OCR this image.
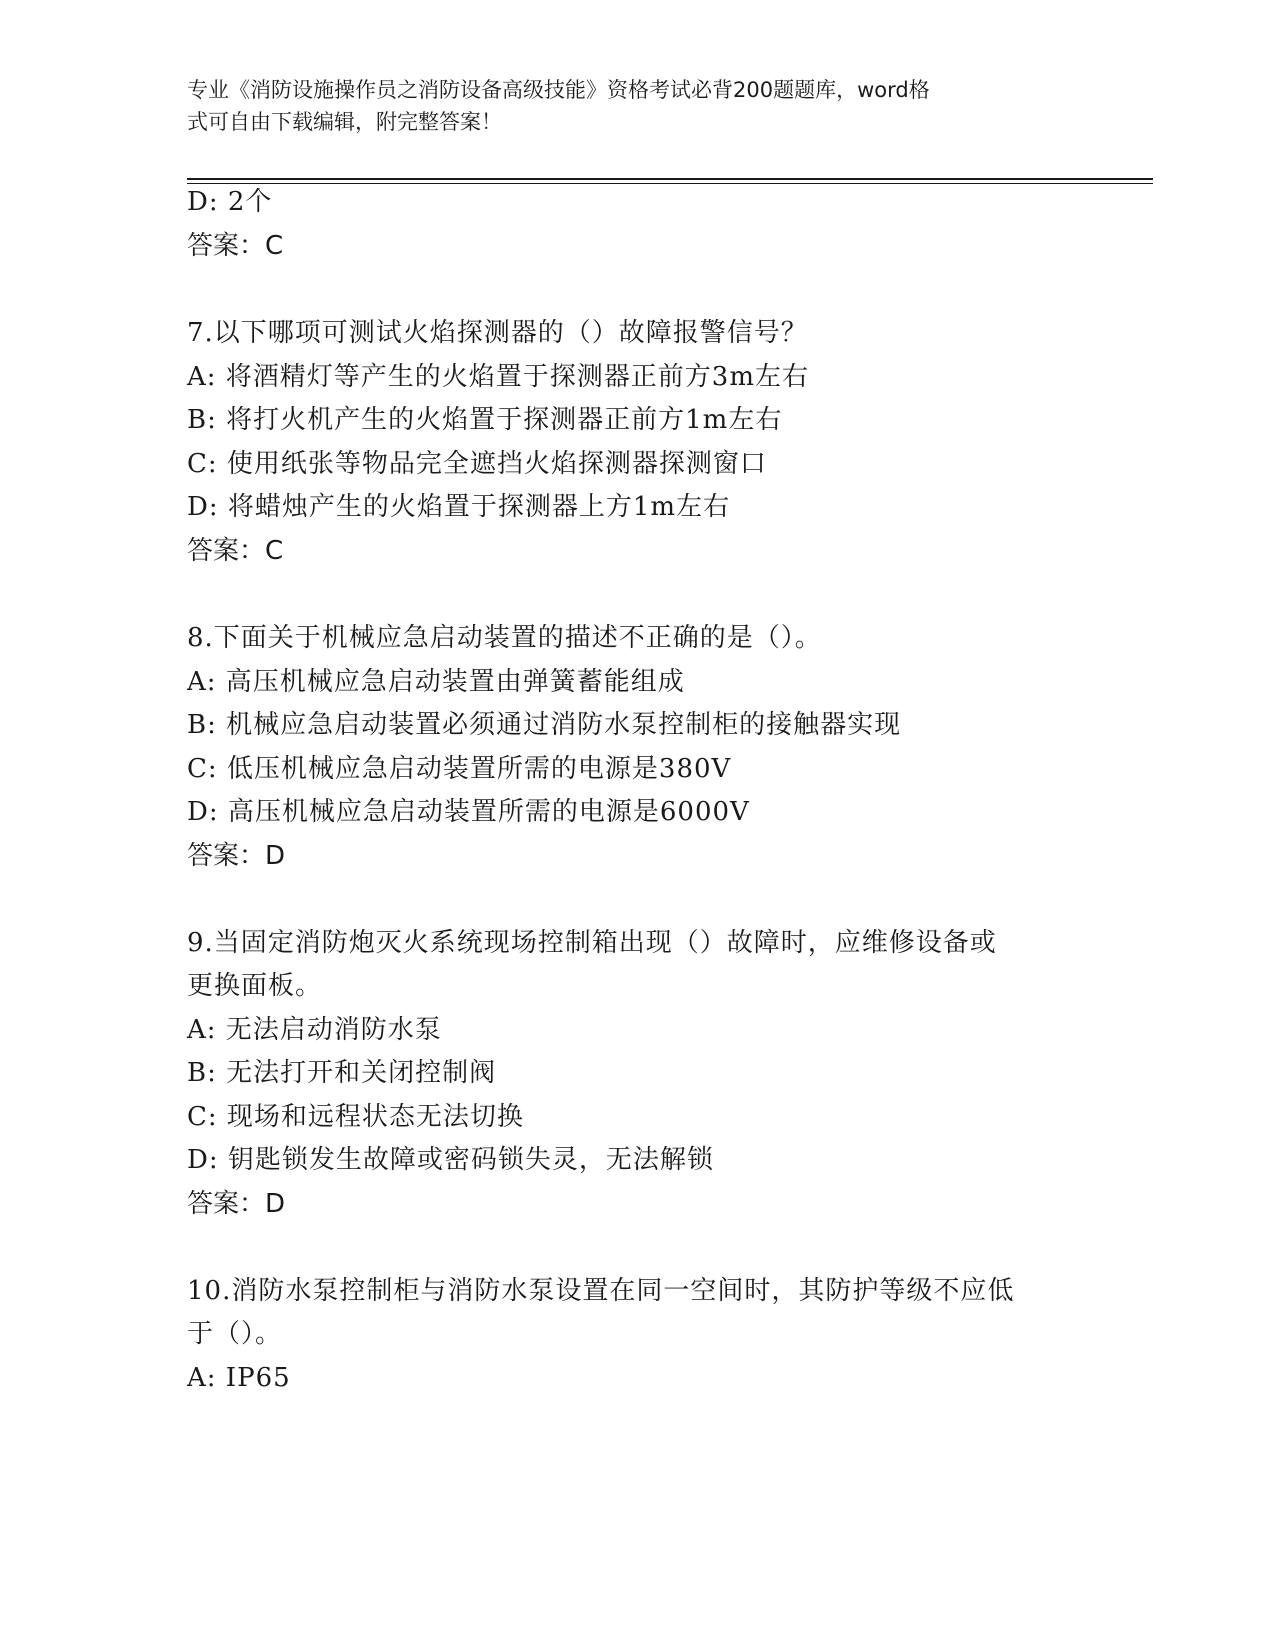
专业《消防设施操作员之消防设备高级技能》资格考试必背200题题库，word格
式可自由下载编辑，附完整答案！
D: 2个
答案：C
7.以下哪项可测试火焰探测器的（）故障报警信号？
A: 将酒精灯等产生的火焰置于探测器正前方3m左右
B: 将打火机产生的火焰置于探测器正前方1m左右
C: 使用纸张等物品完全遮挡火焰探测器探测窗口
D: 将蜡烛产生的火焰置于探测器上方1m左右
答案：C
8.下面关于机械应急启动装置的描述不正确的是（）。
A: 高压机械应急启动装置由弹簧蓄能组成
B: 机械应急启动装置必须通过消防水泵控制柜的接触器实现
C: 低压机械应急启动装置所需的电源是380V
D: 高压机械应急启动装置所需的电源是6000V
答案：D
9.当固定消防炮灭火系统现场控制箱出现（）故障时，应维修设备或
更换面板。
A: 无法启动消防水泵
B: 无法打开和关闭控制阀
C: 现场和远程状态无法切换
D: 钥匙锁发生故障或密码锁失灵，无法解锁
答案：D
10.消防水泵控制柜与消防水泵设置在同一空间时，其防护等级不应低
于（）。
A: IP65
